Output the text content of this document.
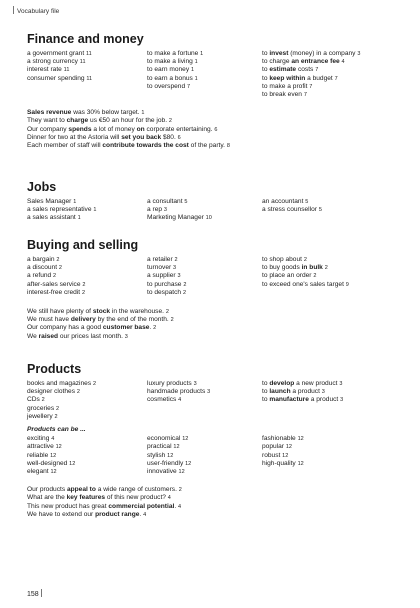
Vocabulary file
Finance and money
a government grant 11
a strong currency 11
interest rate 11
consumer spending 11
to make a fortune 1
to make a living 1
to earn money 1
to earn a bonus 1
to overspend 7
to invest (money) in a company 3
to charge an entrance fee 4
to estimate costs 7
to keep within a budget 7
to make a profit 7
to break even 7
Sales revenue was 30% below target. 1
They want to charge us €50 an hour for the job. 2
Our company spends a lot of money on corporate entertaining. 6
Dinner for two at the Astoria will set you back $80. 6
Each member of staff will contribute towards the cost of the party. 8
Jobs
Sales Manager 1
a sales representative 1
a sales assistant 1
a consultant 5
a rep 3
Marketing Manager 10
an accountant 5
a stress counsellor 5
Buying and selling
a bargain 2
a discount 2
a refund 2
after-sales service 2
interest-free credit 2
a retailer 2
turnover 3
a supplier 3
to purchase 2
to despatch 2
to shop about 2
to buy goods in bulk 2
to place an order 2
to exceed one's sales target 9
We still have plenty of stock in the warehouse. 2
We must have delivery by the end of the month. 2
Our company has a good customer base. 2
We raised our prices last month. 3
Products
books and magazines 2
designer clothes 2
CDs 2
groceries 2
jewellery 2
luxury products 3
handmade products 3
cosmetics 4
to develop a new product 3
to launch a product 3
to manufacture a product 3
Products can be ...
exciting 4
attractive 12
reliable 12
well-designed 12
elegant 12
economical 12
practical 12
stylish 12
user-friendly 12
innovative 12
fashionable 12
popular 12
robust 12
high-quality 12
Our products appeal to a wide range of customers. 2
What are the key features of this new product? 4
This new product has great commercial potential. 4
We have to extend our product range. 4
158
